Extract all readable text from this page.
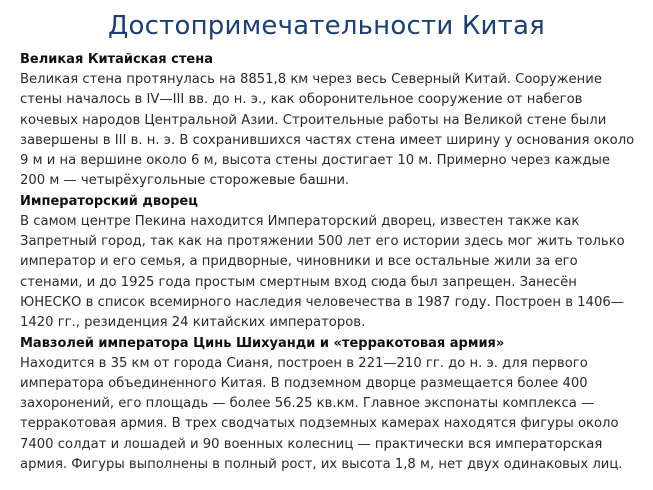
Достопримечательности Китая
Великая Китайская стена
Великая стена протянулась на 8851,8 км через весь Северный Китай. Сооружение
стены началось в IV—III вв. до н. э., как оборонительное сооружение от набегов
кочевых народов Центральной Азии. Строительные работы на Великой стене были
завершены в III в. н. э. В сохранившихся частях стена имеет ширину у основания около
9 м и на вершине около 6 м, высота стены достигает 10 м. Примерно через каждые
200 м — четырёхугольные сторожевые башни.
Императорский дворец
В самом центре Пекина находится Императорский дворец, известен также как
Запретный город, так как на протяжении 500 лет его истории здесь мог жить только
император и его семья, а придворные, чиновники и все остальные жили за его
стенами, и до 1925 года простым смертным вход сюда был запрещен. Занесён
ЮНЕСКО в список всемирного наследия человечества в 1987 году. Построен в 1406—
1420 гг., резиденция 24 китайских императоров.
Мавзолей императора Цинь Шихуанди и «терракотовая армия»
Находится в 35 км от города Сианя, построен в 221—210 гг. до н. э. для первого
императора объединенного Китая. В подземном дворце размещается более 400
захоронений, его площадь — более 56.25 кв.км. Главное экспонаты комплекса —
терракотовая армия. В трех сводчатых подземных камерах находятся фигуры около
7400 солдат и лошадей и 90 военных колесниц — практически вся императорская
армия. Фигуры выполнены в полный рост, их высота 1,8 м, нет двух одинаковых лиц.
